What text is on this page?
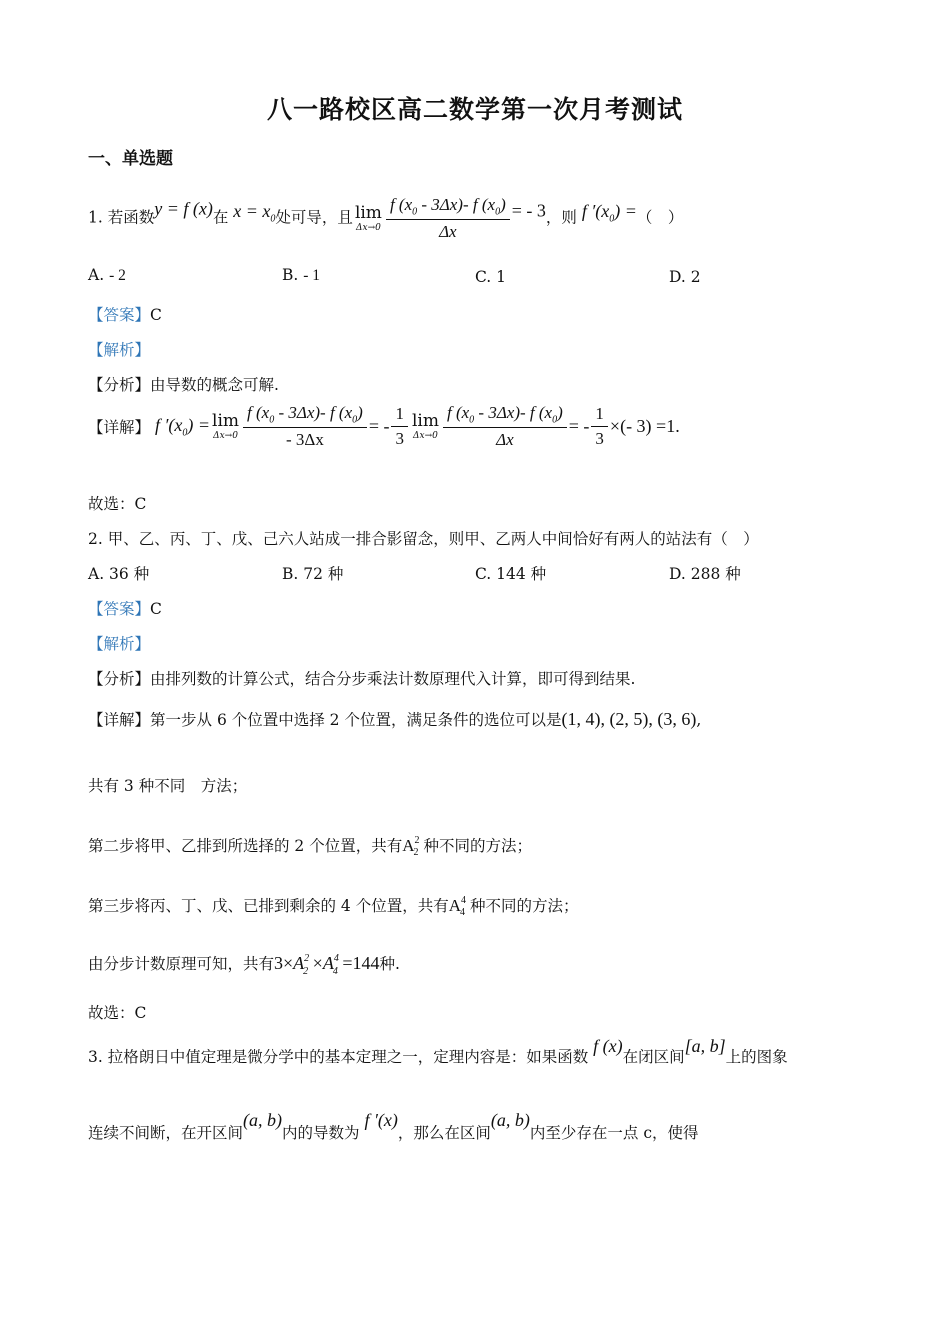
八一路校区高二数学第一次月考测试
一、单选题
1. 若函数y = f (x)在 $x = x_0$处可导，且 lim
$\Delta x\to 0 \frac{f (x_0 - 3\Delta x)- f (x_0)}{\Delta x}$ = - 3，则 f $'(x_0)$ =（　）
A. - 2	B. - 1	C. 1	D. 2
【答案】C
【解析】
【分析】由导数的概念可解.
【详解】 f $'(x_0) = \lim$
$\Delta x\to 0 \frac{f (x_0 - 3\Delta x)- f (x_0)}{- 3\Delta x}$ = - $\frac{1}{3}$ lim
$\Delta x\to 0 \frac{f (x_0 - 3\Delta x)- f (x_0)}{\Delta x}$ = - $\frac{1}{3}$ ×(- 3) =1.
故选：C
2. 甲、乙、丙、丁、戊、己六人站成一排合影留念，则甲、乙两人中间恰好有两人的站法有（　）
A. 36 种	B. 72 种	C. 144 种	D. 288 种
【答案】C
【解析】
【分析】由排列数的计算公式，结合分步乘法计数原理代入计算，即可得到结果.
【详解】第一步从 6 个位置中选择 2 个位置，满足条件的选位可以是(1, 4), (2, 5), (3, 6),
共有 3 种不同　方法；
第二步将甲、乙排到所选择的 2 个位置，共有$A^2_2$ 种不同的方法；
第三步将丙、丁、戊、已排到剩余的 4 个位置，共有$A^4_4$ 种不同的方法；
由分步计数原理可知，共有$3\times A^2_2 \times A^4_4 =144$种.
故选：C
3. 拉格朗日中值定理是微分学中的基本定理之一，定理内容是：如果函数 f (x)在闭区间[a, b]上的图象
连续不间断，在开区间(a, b)内的导数为 f ′(x)，那么在区间(a, b)内至少存在一点 c，使得
